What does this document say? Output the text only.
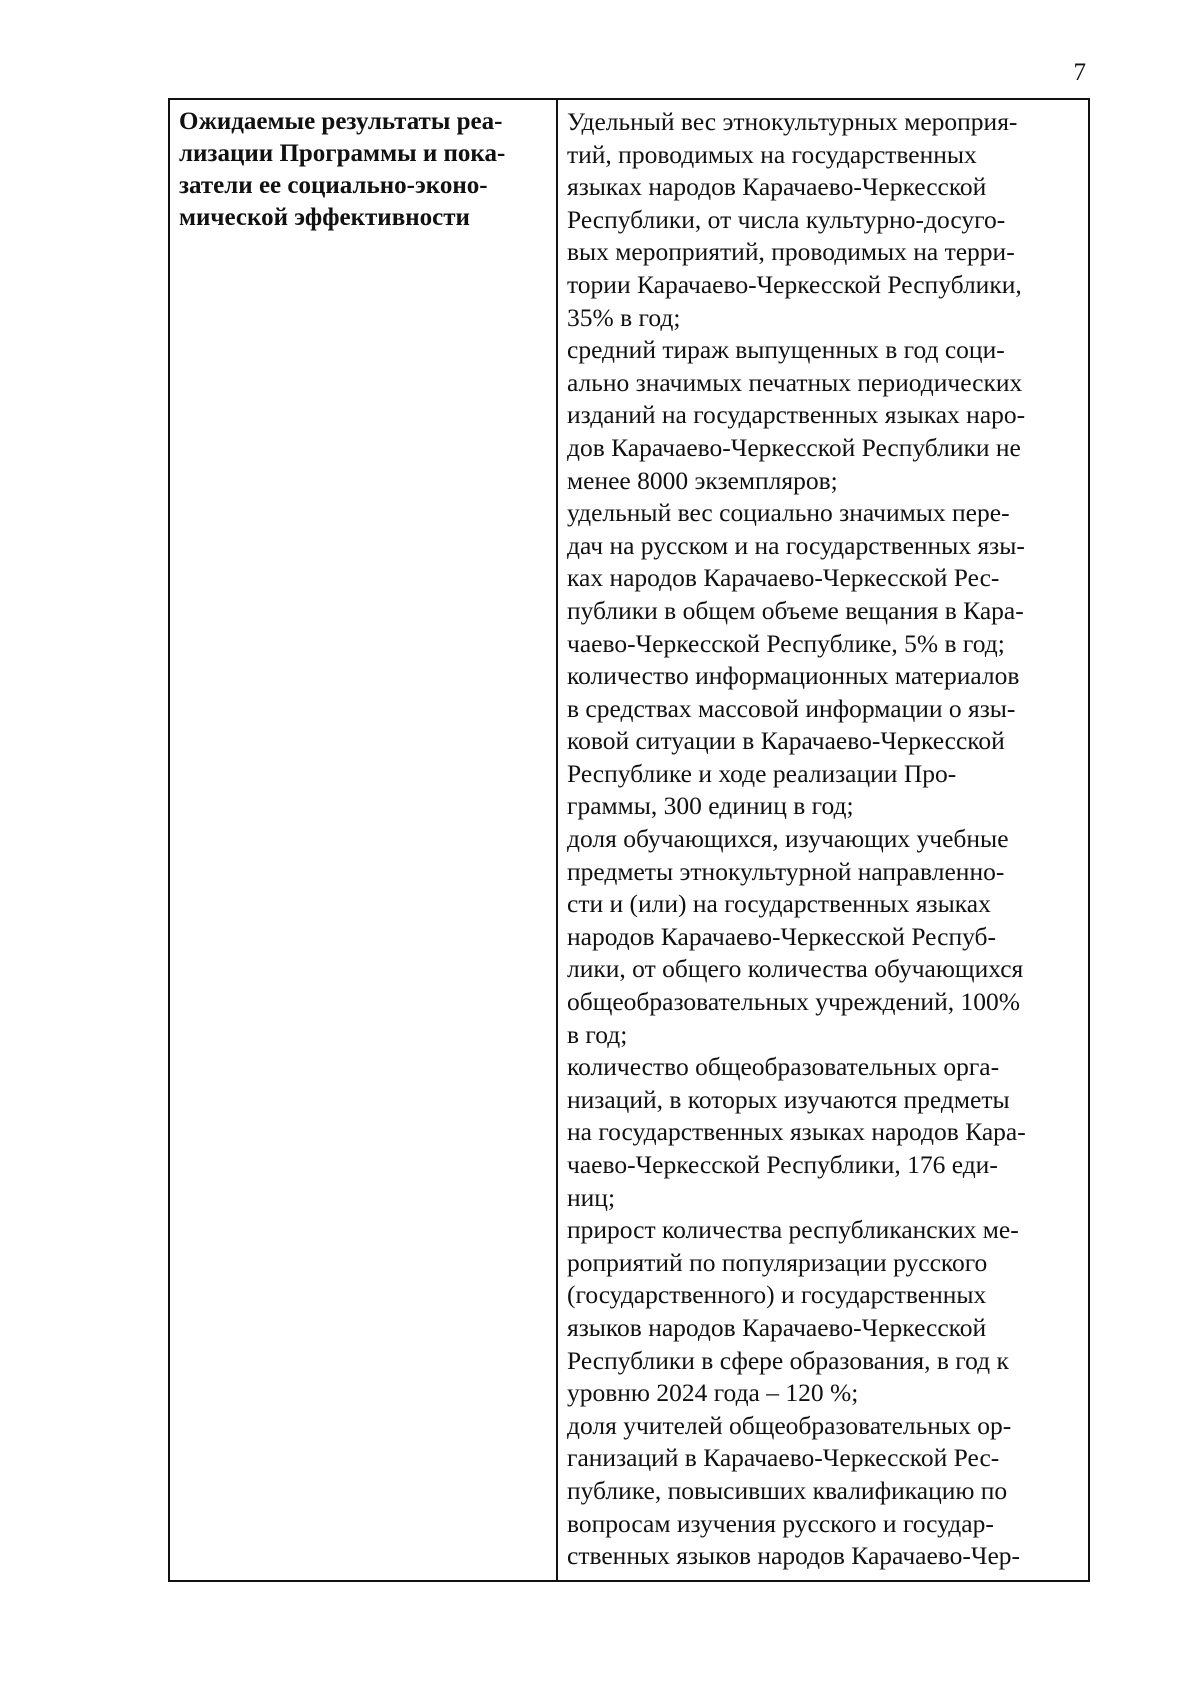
7
Ожидаемые результаты реа-
лизации Программы и пока-
затели ее социально-эконо-
мической эффективности

Удельный вес этнокультурных мероприя-
тий, проводимых на государственных
языках народов Карачаево-Черкесской
Республики, от числа культурно-досуго-
вых мероприятий, проводимых на терри-
тории Карачаево-Черкесской Республики,
35% в год;

средний тираж выпущенных в год соци-
ально значимых печатных периодических
изданий на государственных языках наро-
дов Карачаево-Черкесской Республики не
менее 8000 экземпляров;

удельный вес социально значимых пере-
дач на русском и на государственных язы-
ках народов Карачаево-Черкесской Рес-
публики в общем объеме вещания в Кара-
чаево-Черкесской Республике, 5% в год;

количество информационных материалов
в средствах массовой информации о язы-
ковой ситуации в Карачаево-Черкесской
Республике и ходе реализации Про-
граммы, 300 единиц в год;

доля обучающихся, изучающих учебные
предметы этнокультурной направленно-
сти и (или) на государственных языках
народов Карачаево-Черкесской Респуб-
лики, от общего количества обучающихся
общеобразовательных учреждений, 100%
в год;

количество общеобразовательных орга-
низаций, в которых изучаются предметы
на государственных языках народов Кара-
чаево-Черкесской Республики, 176 еди-
ниц;

прирост количества республиканских ме-
роприятий по популяризации русского
(государственного) и государственных
языков народов Карачаево-Черкесской
Республики в сфере образования, в год к
уровню 2024 года – 120 %;

доля учителей общеобразовательных ор-
ганизаций в Карачаево-Черкесской Рес-
публике, повысивших квалификацию по
вопросам изучения русского и государ-
ственных языков народов Карачаево-Чер-
